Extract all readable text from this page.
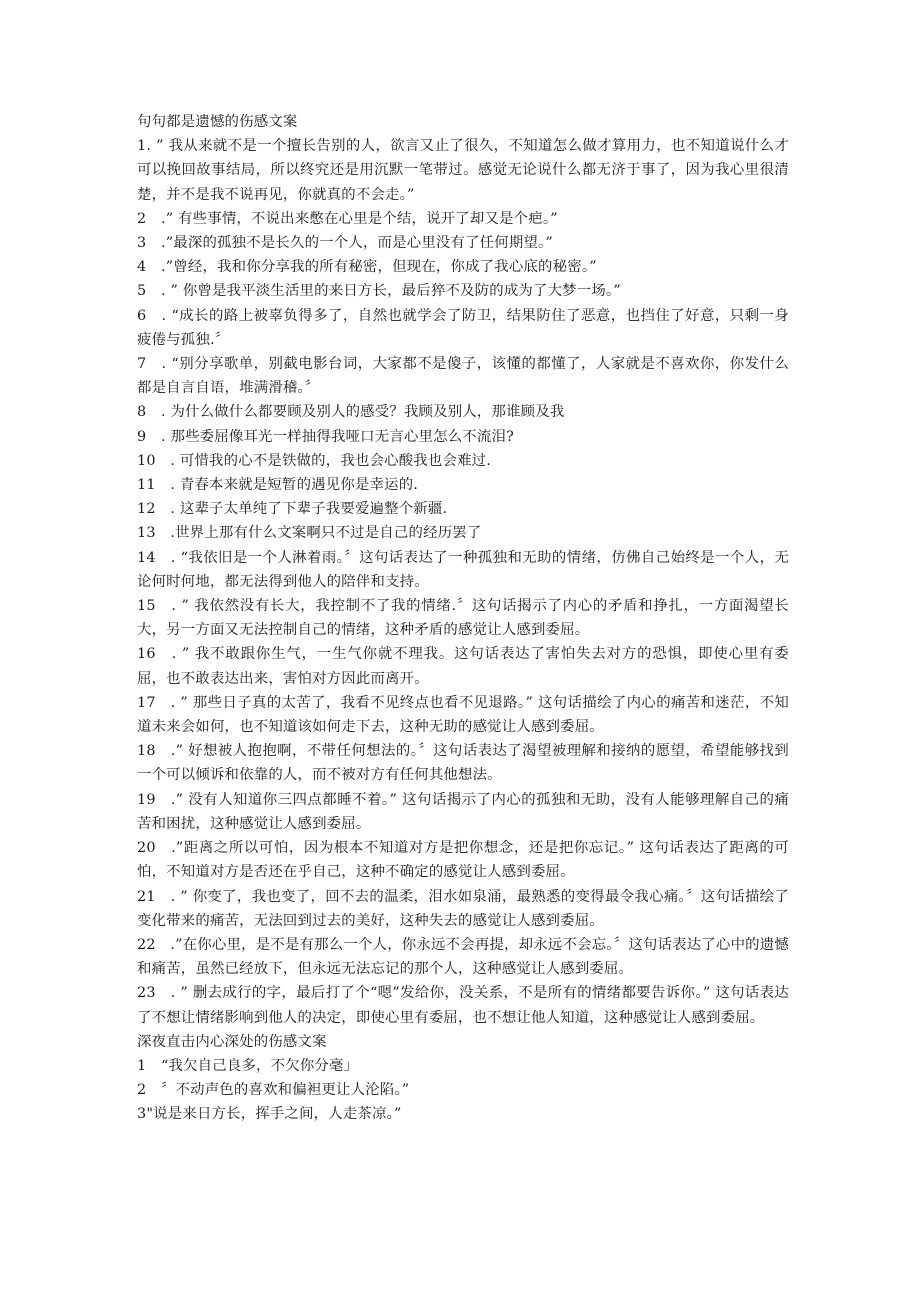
句句都是遗憾的伤感文案

1. ” 我从来就不是一个擅长告别的人，欲言又止了很久，不知道怎么做才算用力，也不知道说什么才可以挽回故事结局，所以终究还是用沉默一笔带过。感觉无论说什么都无济于事了，因为我心里很清楚，并不是我不说再见，你就真的不会走。”

2　.” 有些事情，不说出来憋在心里是个结，说开了却又是个疤。”

3　.”最深的孤独不是长久的一个人，而是心里没有了任何期望。”

4　.”曾经，我和你分享我的所有秘密，但现在，你成了我心底的秘密。”

5　. ” 你曾是我平淡生活里的来日方长，最后猝不及防的成为了大梦一场。”

6　. “成长的路上被辜负得多了，自然也就学会了防卫，结果防住了恶意，也挡住了好意，只剩一身疲倦与孤独.〞

7　. “别分享歌单，别截电影台词，大家都不是傻子，该懂的都懂了，人家就是不喜欢你，你发什么都是自言自语，堆满滑稽。〞

8　. 为什么做什么都要顾及别人的感受？我顾及别人，那谁顾及我

9　. 那些委屈像耳光一样抽得我哑口无言心里怎么不流泪?

10　. 可惜我的心不是铁做的，我也会心酸我也会难过.

11　. 青春本来就是短暂的遇见你是幸运的.

12　. 这辈子太单纯了下辈子我要爱遍整个新疆.

13　.世界上那有什么文案啊只不过是自己的经历罢了

14　. “我依旧是一个人淋着雨。〞这句话表达了一种孤独和无助的情绪，仿佛自己始终是一个人，无论何时何地，都无法得到他人的陪伴和支持。

15　. ” 我依然没有长大，我控制不了我的情绪.〞这句话揭示了内心的矛盾和挣扎，一方面渴望长大，另一方面又无法控制自己的情绪，这种矛盾的感觉让人感到委屈。

16　. ” 我不敢跟你生气，一生气你就不理我。这句话表达了害怕失去对方的恐惧，即使心里有委屈，也不敢表达出来，害怕对方因此而离开。

17　. ” 那些日子真的太苦了，我看不见终点也看不见退路。” 这句话描绘了内心的痛苦和迷茫，不知道未来会如何，也不知道该如何走下去，这种无助的感觉让人感到委屈。

18　.” 好想被人抱抱啊，不带任何想法的。〞这句话表达了渴望被理解和接纳的愿望，希望能够找到一个可以倾诉和依靠的人，而不被对方有任何其他想法。

19　.” 没有人知道你三四点都睡不着。” 这句话揭示了内心的孤独和无助，没有人能够理解自己的痛苦和困扰，这种感觉让人感到委屈。

20　.”距离之所以可怕，因为根本不知道对方是把你想念，还是把你忘记。” 这句话表达了距离的可怕，不知道对方是否还在乎自己，这种不确定的感觉让人感到委屈。

21　. ” 你变了，我也变了，回不去的温柔，泪水如泉涌，最熟悉的变得最令我心痛。〞这句话描绘了变化带来的痛苦，无法回到过去的美好，这种失去的感觉让人感到委屈。

22　.”在你心里，是不是有那么一个人，你永远不会再提，却永远不会忘。〞这句话表达了心中的遗憾和痛苦，虽然已经放下，但永远无法忘记的那个人，这种感觉让人感到委屈。

23　. ” 删去成行的字，最后打了个“嗯”发给你，没关系，不是所有的情绪都要告诉你。” 这句话表达了不想让情绪影响到他人的决定，即使心里有委屈，也不想让他人知道，这种感觉让人感到委屈。

深夜直击内心深处的伤感文案

1　“我欠自己良多，不欠你分毫」

2　〞不动声色的喜欢和偏袒更让人沦陷。”

3"说是来日方长，挥手之间，人走茶凉。”
